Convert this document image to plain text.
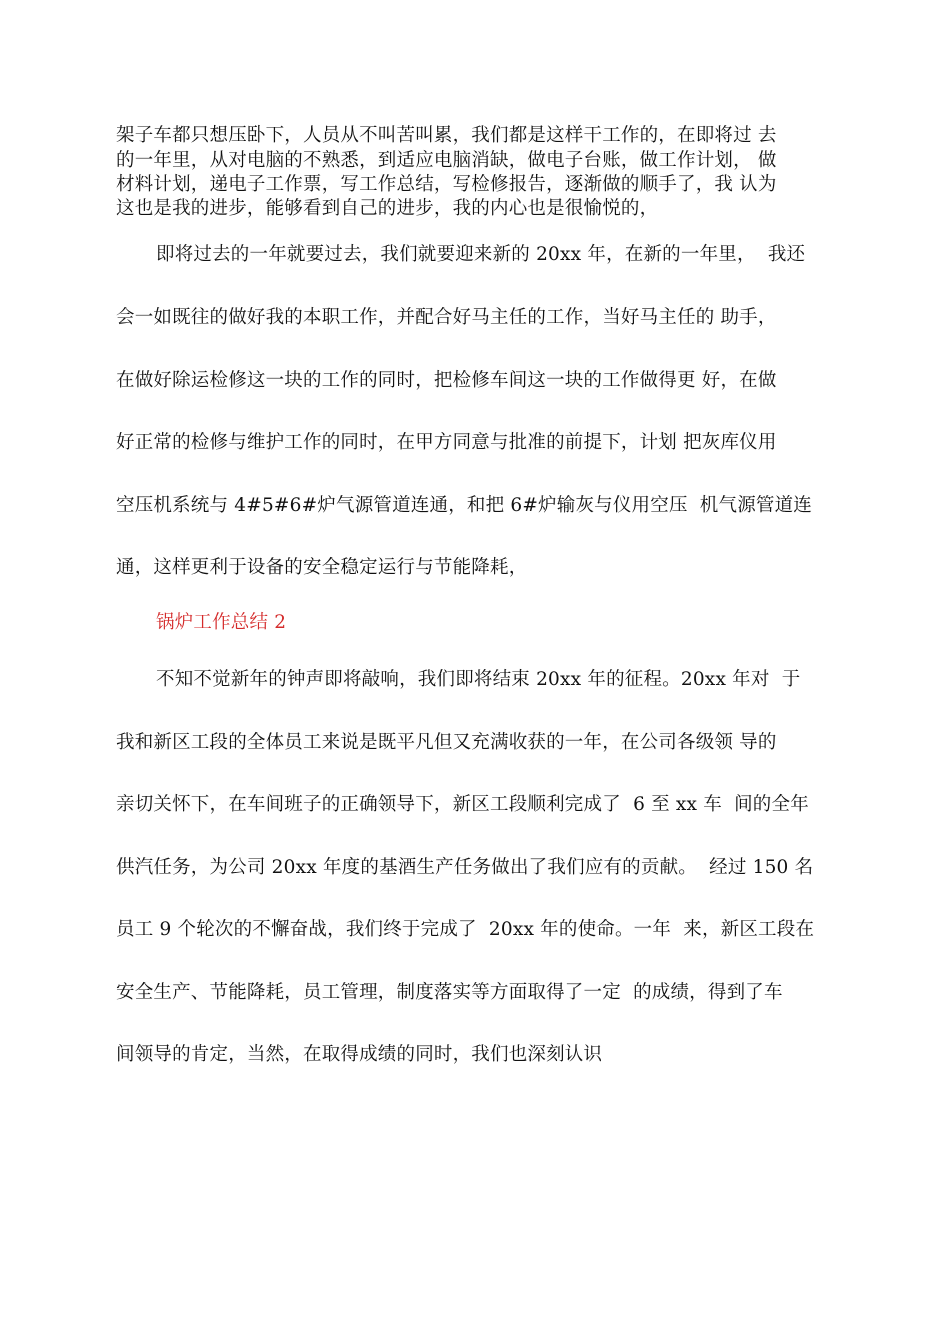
架子车都只想压卧下，人员从不叫苦叫累，我们都是这样干工作的，在即将过 去

的一年里，从对电脑的不熟悉，到适应电脑消缺，做电子台账，做工作计划， 做

材料计划，递电子工作票，写工作总结，写检修报告，逐渐做的顺手了，我 认为

这也是我的进步，能够看到自己的进步，我的内心也是很愉悦的，

即将过去的一年就要过去，我们就要迎来新的 20xx 年，在新的一年里，  我还

会一如既往的做好我的本职工作，并配合好马主任的工作，当好马主任的 助手，

在做好除运检修这一块的工作的同时，把检修车间这一块的工作做得更 好，在做

好正常的检修与维护工作的同时，在甲方同意与批准的前提下，计划 把灰库仪用

空压机系统与 4#5#6#炉气源管道连通，和把 6#炉输灰与仪用空压  机气源管道连

通，这样更利于设备的安全稳定运行与节能降耗，

锅炉工作总结 2

不知不觉新年的钟声即将敲响，我们即将结束 20xx 年的征程。20xx 年对  于

我和新区工段的全体员工来说是既平凡但又充满收获的一年，在公司各级领 导的

亲切关怀下，在车间班子的正确领导下，新区工段顺利完成了  6 至 xx 车  间的全年

供汽任务，为公司 20xx 年度的基酒生产任务做出了我们应有的贡献。  经过 150 名

员工 9 个轮次的不懈奋战，我们终于完成了  20xx 年的使命。一年  来，新区工段在

安全生产、节能降耗，员工管理，制度落实等方面取得了一定  的成绩，得到了车

间领导的肯定，当然，在取得成绩的同时，我们也深刻认识
